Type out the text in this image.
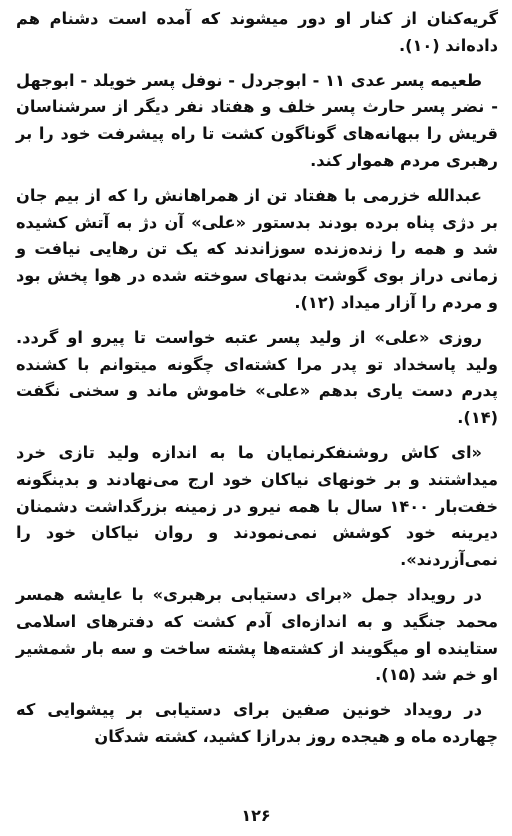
گریه‌کنان از کنار او دور میشوند که آمده است دشنام هم داده‌اند (۱۰).

طعیمه پسر عدی ۱۱ - ابوجردل - نوفل پسر خویلد - ابوجهل - نضر پسر حارث پسر خلف و هفتاد نفر دیگر از سرشناسان قریش را ببهانه‌های گوناگون کشت تا راه پیشرفت خود را بر رهبری مردم هموار کند.

عبدالله خزرمی با هفتاد تن از همراهانش را که از بیم جان بر دژی پناه برده بودند بدستور «علی» آن دژ به آتش کشیده شد و همه را زنده‌زنده سوزاندند که یک تن رهایی نیافت و زمانی دراز بوی گوشت بدنهای سوخته شده در هوا پخش بود و مردم را آزار میداد (۱۲).

روزی «علی» از ولید پسر عتبه خواست تا پیرو او گردد. ولید پاسخداد تو پدر مرا کشته‌ای چگونه میتوانم با کشنده پدرم دست یاری بدهم «علی» خاموش ماند و سخنی نگفت (۱۴).

«ای کاش روشنفکرنمایان ما به اندازه ولید تازی خرد میداشتند و بر خونهای نیاکان خود ارج می‌نهادند و بدینگونه خفت‌بار ۱۴۰۰ سال با همه نیرو در زمینه بزرگداشت دشمنان دیرینه خود کوشش نمی‌نمودند و روان نیاکان خود را نمی‌آزردند».

در رویداد جمل «برای دستیابی برهبری» با عایشه همسر محمد جنگید و به اندازه‌ای آدم کشت که دفترهای اسلامی ستاینده او میگویند از کشته‌ها پشته ساخت و سه بار شمشیر او خم شد (۱۵).

در رویداد خونین صفین برای دستیابی بر پیشوایی که چهارده ماه و هیجده روز بدرازا کشید، کشته شدگان

۱۲۶
